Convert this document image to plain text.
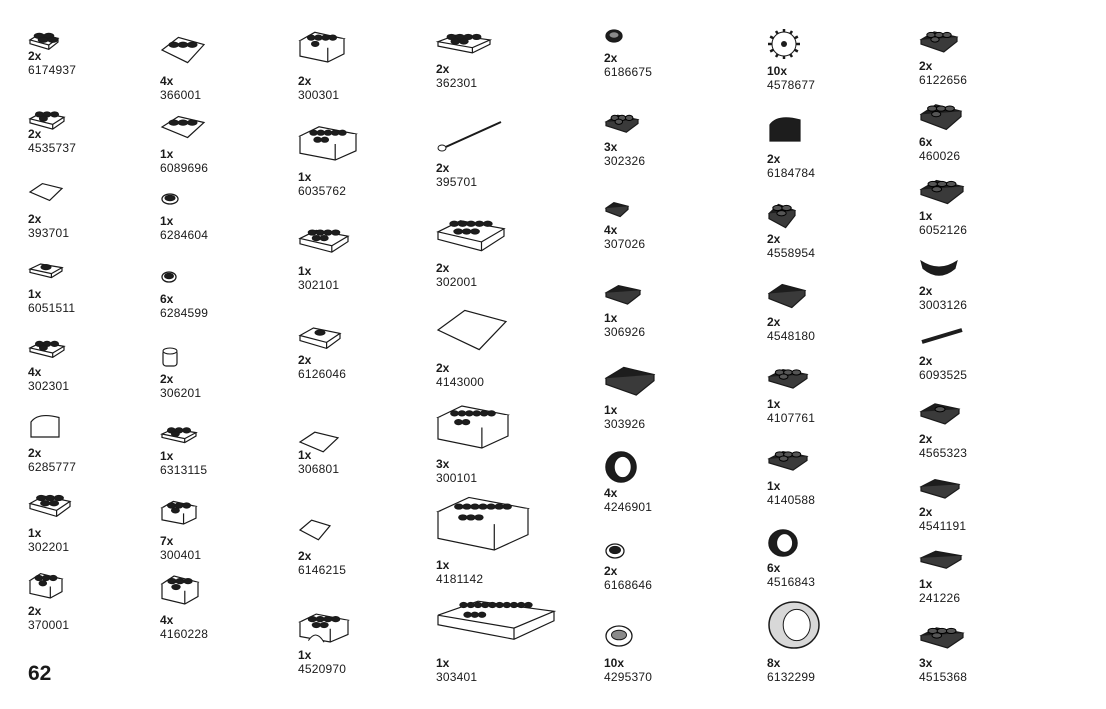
2x
6174937
2x
4535737
2x
393701
1x
6051511
4x
302301
2x
6285777
1x
302201
2x
370001
4x
366001
1x
6089696
1x
6284604
6x
6284599
2x
306201
1x
6313115
7x
300401
4x
4160228
2x
300301
1x
6035762
1x
302101
2x
6126046
1x
306801
2x
6146215
1x
4520970
2x
362301
2x
395701
2x
302001
2x
4143000
3x
300101
1x
4181142
1x
303401
2x
6186675
3x
302326
4x
307026
1x
306926
1x
303926
4x
4246901
2x
6168646
10x
4295370
10x
4578677
2x
6184784
2x
4558954
2x
4548180
1x
4107761
1x
4140588
6x
4516843
8x
6132299
2x
6122656
6x
460026
1x
6052126
2x
3003126
2x
6093525
2x
4565323
2x
4541191
1x
241226
3x
4515368
62
